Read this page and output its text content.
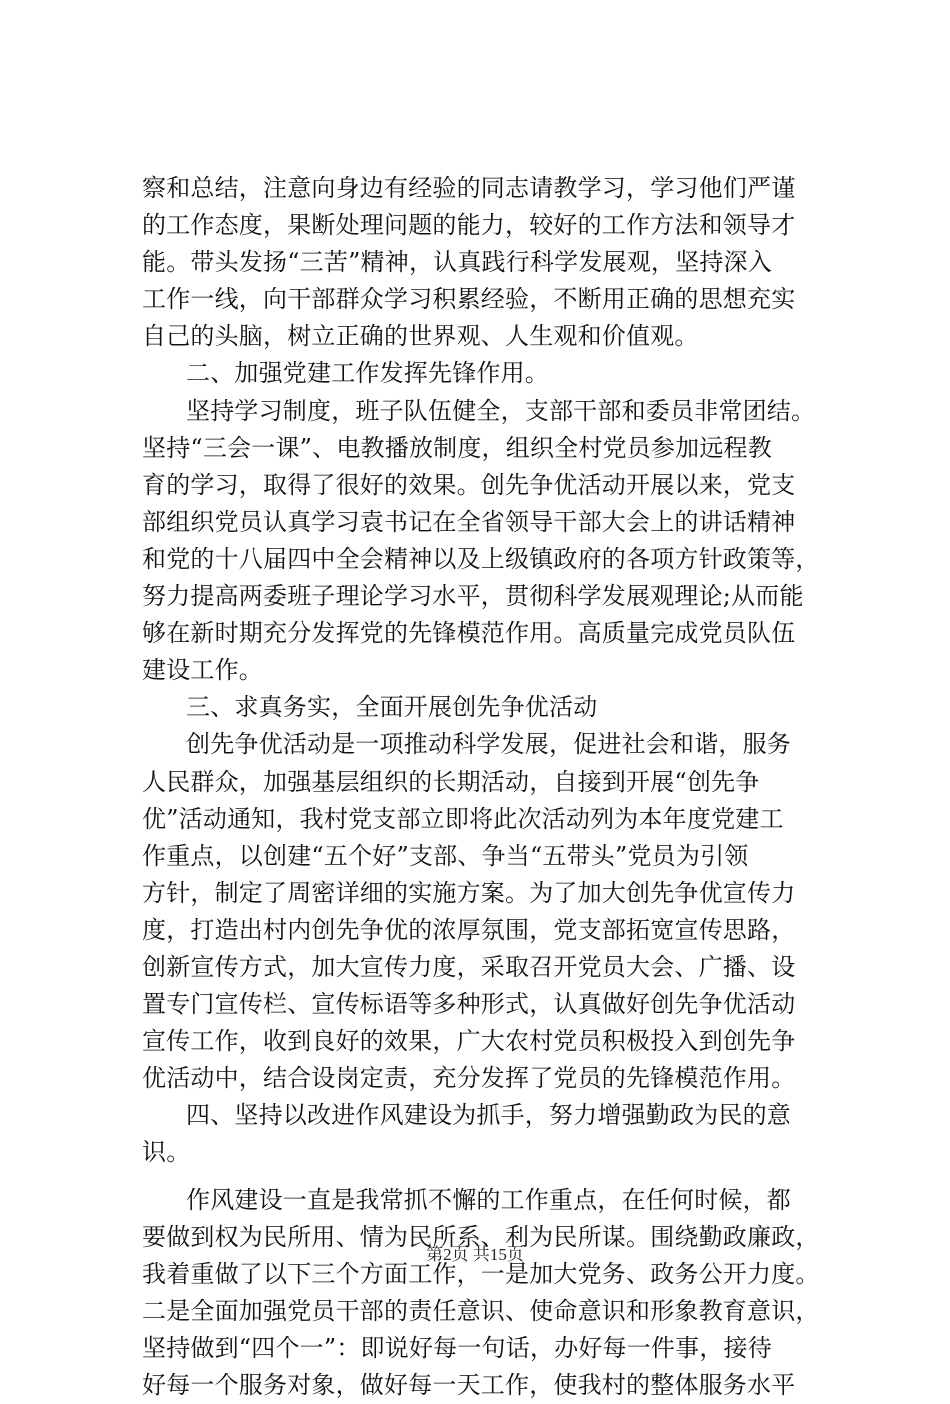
察和总结，注意向身边有经验的同志请教学习，学习他们严谨
的工作态度，果断处理问题的能力，较好的工作方法和领导才
能。带头发扬“三苦”精神，认真践行科学发展观，坚持深入
工作一线，向干部群众学习积累经验，不断用正确的思想充实
自己的头脑，树立正确的世界观、人生观和价值观。
二、加强党建工作发挥先锋作用。
坚持学习制度，班子队伍健全，支部干部和委员非常团结。
坚持“三会一课”、电教播放制度，组织全村党员参加远程教
育的学习，取得了很好的效果。创先争优活动开展以来，党支
部组织党员认真学习袁书记在全省领导干部大会上的讲话精神
和党的十八届四中全会精神以及上级镇政府的各项方针政策等，
努力提高两委班子理论学习水平，贯彻科学发展观理论;从而能
够在新时期充分发挥党的先锋模范作用。高质量完成党员队伍
建设工作。
三、求真务实，全面开展创先争优活动
创先争优活动是一项推动科学发展，促进社会和谐，服务
人民群众，加强基层组织的长期活动，自接到开展“创先争
优”活动通知，我村党支部立即将此次活动列为本年度党建工
作重点，以创建“五个好”支部、争当“五带头”党员为引领
方针，制定了周密详细的实施方案。为了加大创先争优宣传力
度，打造出村内创先争优的浓厚氛围，党支部拓宽宣传思路，
创新宣传方式，加大宣传力度，采取召开党员大会、广播、设
置专门宣传栏、宣传标语等多种形式，认真做好创先争优活动
宣传工作，收到良好的效果，广大农村党员积极投入到创先争
优活动中，结合设岗定责，充分发挥了党员的先锋模范作用。
四、坚持以改进作风建设为抓手，努力增强勤政为民的意
识。
作风建设一直是我常抓不懈的工作重点，在任何时候，都
要做到权为民所用、情为民所系、利为民所谋。围绕勤政廉政，
我着重做了以下三个方面工作，一是加大党务、政务公开力度。
二是全面加强党员干部的责任意识、使命意识和形象教育意识，
坚持做到“四个一”：即说好每一句话，办好每一件事，接待
好每一个服务对象，做好每一天工作，使我村的整体服务水平
第2页 共15页
